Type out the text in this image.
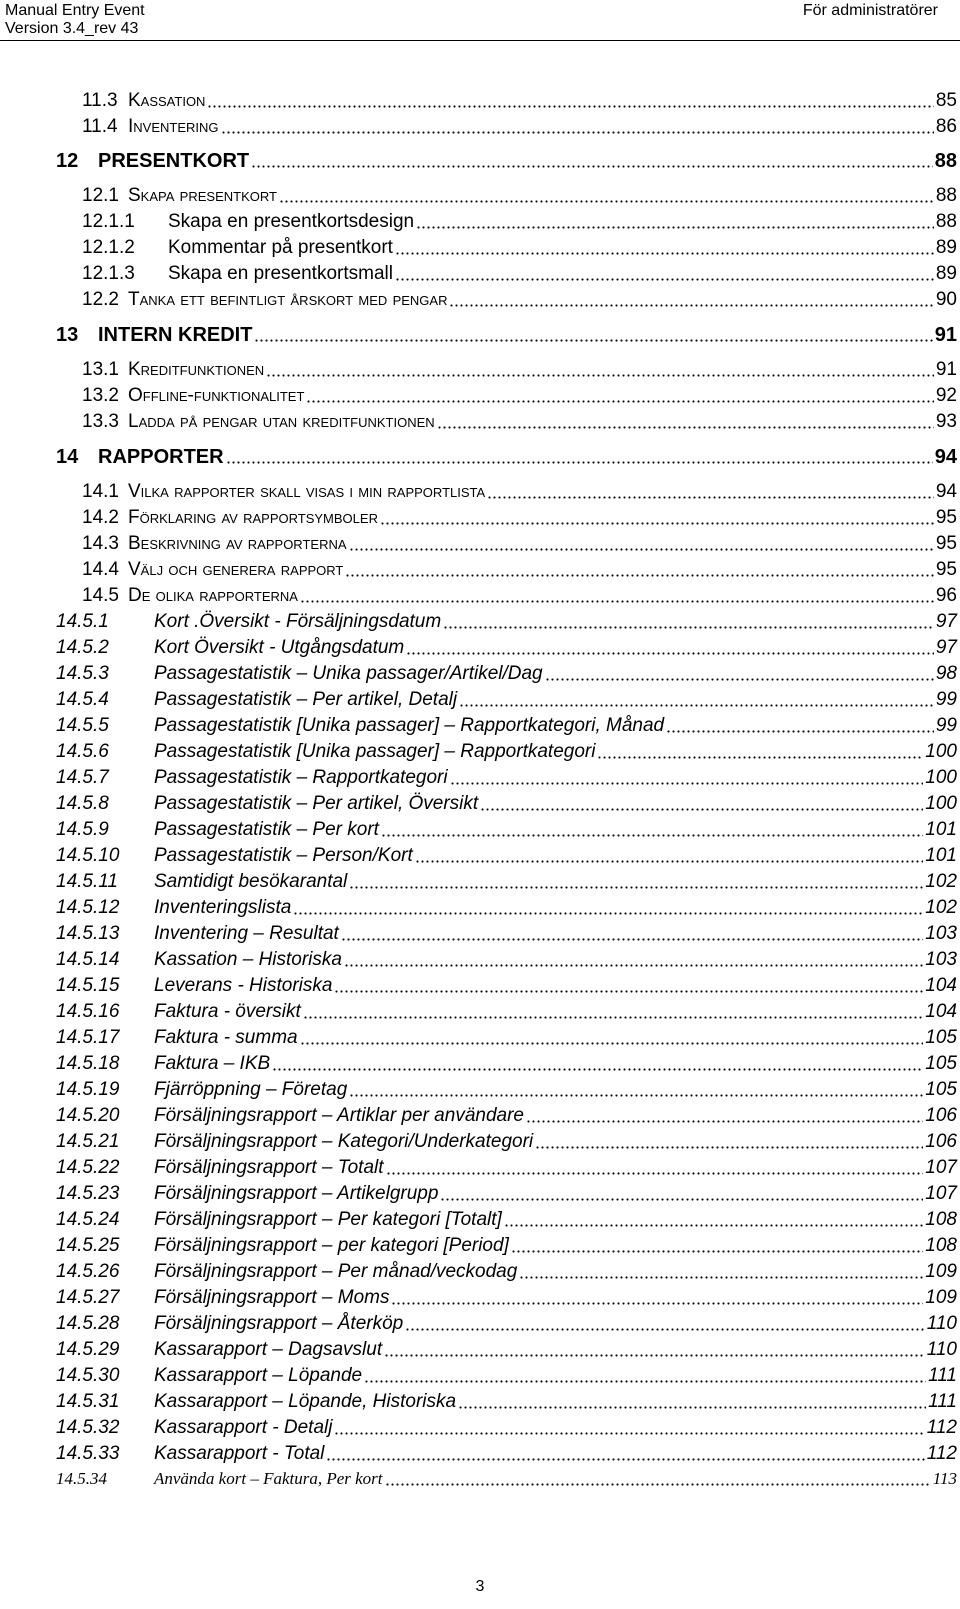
Manual Entry Event
Version 3.4_rev 43
För administratörer
11.3 Kassation	85
11.4 Inventering	86
12 PRESENTKORT	88
12.1 Skapa presentkort	88
12.1.1	Skapa en presentkortsdesign	88
12.1.2	Kommentar på presentkort	89
12.1.3	Skapa en presentkortsmall	89
12.2 Tanka ett befintligt årskort med pengar	90
13 INTERN KREDIT	91
13.1 Kreditfunktionen	91
13.2 Offline-funktionalitet	92
13.3 Ladda på pengar utan kreditfunktionen	93
14 RAPPORTER	94
14.1 Vilka rapporter skall visas i min rapportlista	94
14.2 Förklaring av rapportsymboler	95
14.3 Beskrivning av rapporterna	95
14.4 Välj och generera rapport	95
14.5 De olika rapporterna	96
14.5.1	Kort .Översikt - Försäljningsdatum	97
14.5.2	Kort Översikt - Utgångsdatum	97
14.5.3	Passagestatistik – Unika passager/Artikel/Dag	98
14.5.4	Passagestatistik – Per artikel, Detalj	99
14.5.5	Passagestatistik [Unika passager] – Rapportkategori, Månad	99
14.5.6	Passagestatistik [Unika passager] – Rapportkategori	100
14.5.7	Passagestatistik – Rapportkategori	100
14.5.8	Passagestatistik – Per artikel, Översikt	100
14.5.9	Passagestatistik – Per kort	101
14.5.10	Passagestatistik – Person/Kort	101
14.5.11	Samtidigt besökarantal	102
14.5.12	Inventeringslista	102
14.5.13	Inventering – Resultat	103
14.5.14	Kassation – Historiska	103
14.5.15	Leverans - Historiska	104
14.5.16	Faktura - översikt	104
14.5.17	Faktura - summa	105
14.5.18	Faktura – IKB	105
14.5.19	Fjärröppning – Företag	105
14.5.20	Försäljningsrapport – Artiklar per användare	106
14.5.21	Försäljningsrapport – Kategori/Underkategori	106
14.5.22	Försäljningsrapport – Totalt	107
14.5.23	Försäljningsrapport – Artikelgrupp	107
14.5.24	Försäljningsrapport – Per kategori [Totalt]	108
14.5.25	Försäljningsrapport – per kategori [Period]	108
14.5.26	Försäljningsrapport – Per månad/veckodag	109
14.5.27	Försäljningsrapport – Moms	109
14.5.28	Försäljningsrapport – Återköp	110
14.5.29	Kassarapport – Dagsavslut	110
14.5.30	Kassarapport – Löpande	111
14.5.31	Kassarapport – Löpande, Historiska	111
14.5.32	Kassarapport - Detalj	112
14.5.33	Kassarapport - Total	112
14.5.34	Använda kort – Faktura, Per kort	113
3
